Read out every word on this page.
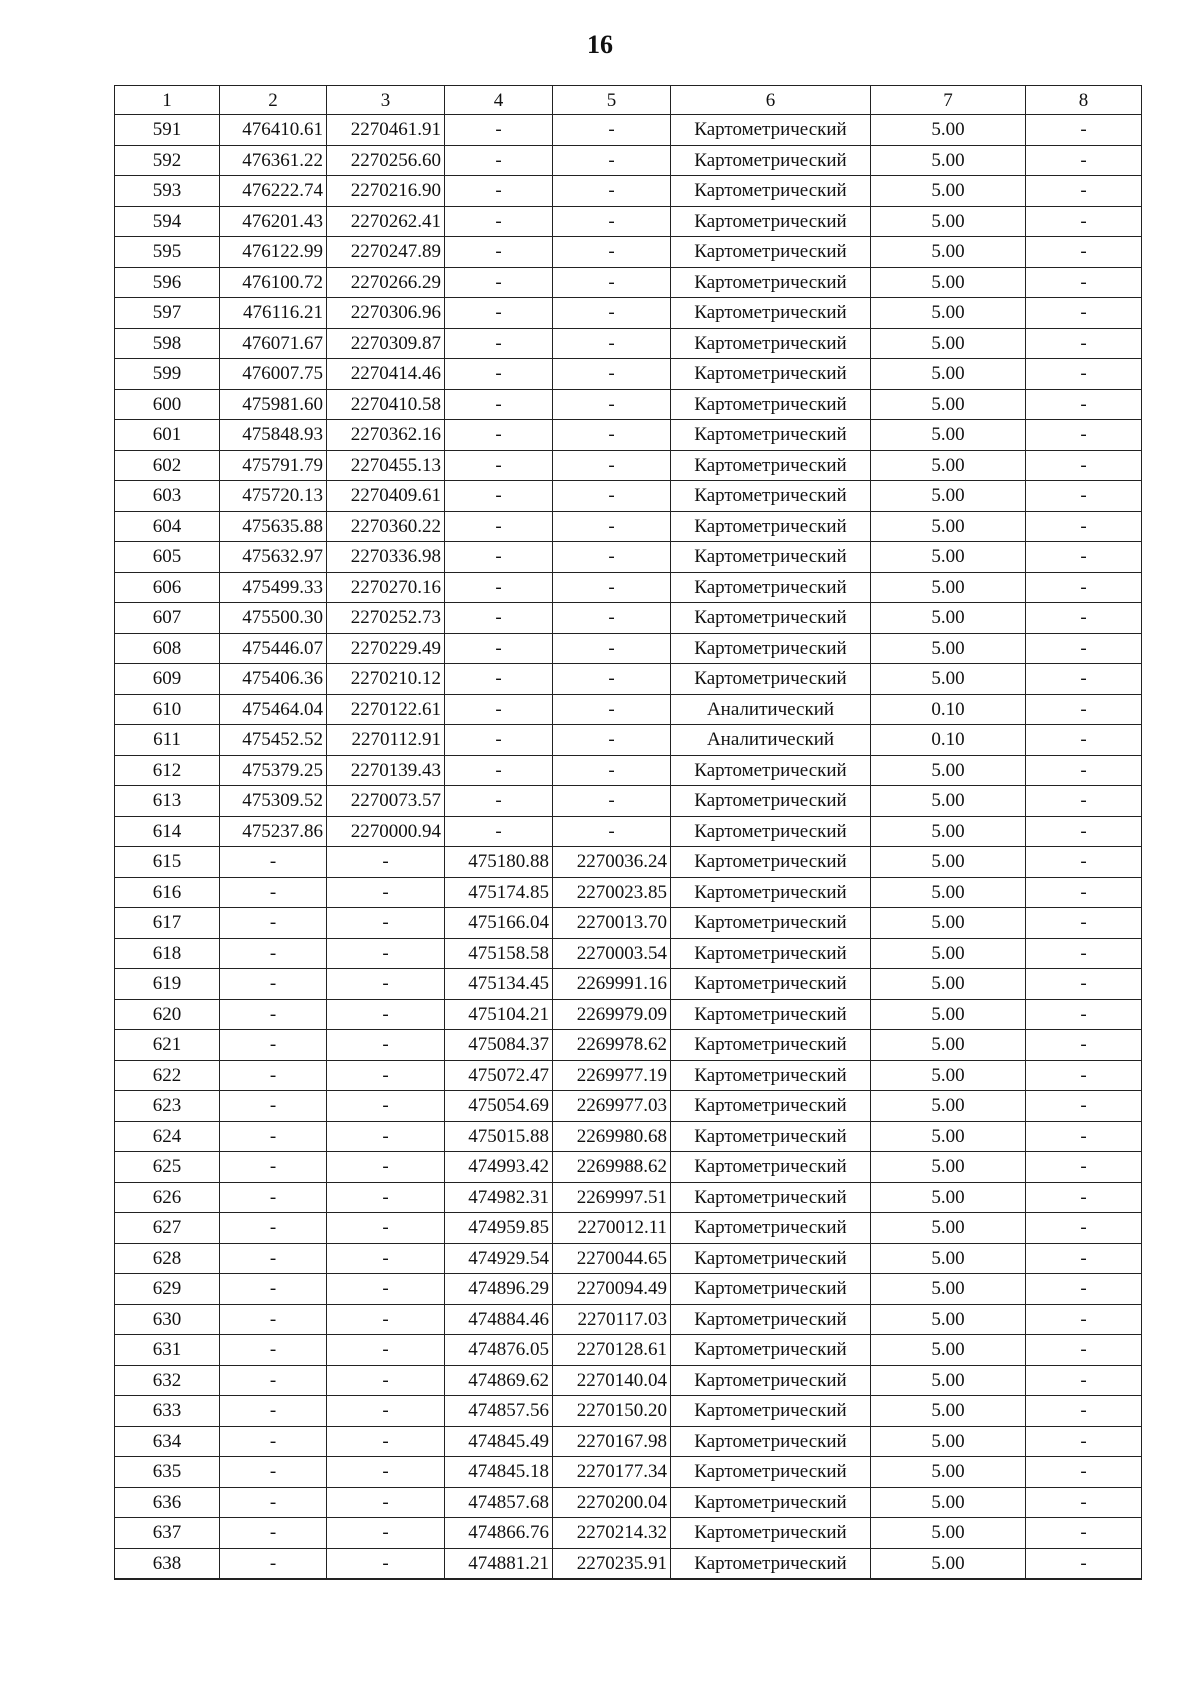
16
1	2	3	4	5	6	7	8
591	476410.61	2270461.91	-	-	Картометрический	5.00	-
592	476361.22	2270256.60	-	-	Картометрический	5.00	-
593	476222.74	2270216.90	-	-	Картометрический	5.00	-
594	476201.43	2270262.41	-	-	Картометрический	5.00	-
595	476122.99	2270247.89	-	-	Картометрический	5.00	-
596	476100.72	2270266.29	-	-	Картометрический	5.00	-
597	476116.21	2270306.96	-	-	Картометрический	5.00	-
598	476071.67	2270309.87	-	-	Картометрический	5.00	-
599	476007.75	2270414.46	-	-	Картометрический	5.00	-
600	475981.60	2270410.58	-	-	Картометрический	5.00	-
601	475848.93	2270362.16	-	-	Картометрический	5.00	-
602	475791.79	2270455.13	-	-	Картометрический	5.00	-
603	475720.13	2270409.61	-	-	Картометрический	5.00	-
604	475635.88	2270360.22	-	-	Картометрический	5.00	-
605	475632.97	2270336.98	-	-	Картометрический	5.00	-
606	475499.33	2270270.16	-	-	Картометрический	5.00	-
607	475500.30	2270252.73	-	-	Картометрический	5.00	-
608	475446.07	2270229.49	-	-	Картометрический	5.00	-
609	475406.36	2270210.12	-	-	Картометрический	5.00	-
610	475464.04	2270122.61	-	-	Аналитический	0.10	-
611	475452.52	2270112.91	-	-	Аналитический	0.10	-
612	475379.25	2270139.43	-	-	Картометрический	5.00	-
613	475309.52	2270073.57	-	-	Картометрический	5.00	-
614	475237.86	2270000.94	-	-	Картометрический	5.00	-
615	-	-	475180.88	2270036.24	Картометрический	5.00	-
616	-	-	475174.85	2270023.85	Картометрический	5.00	-
617	-	-	475166.04	2270013.70	Картометрический	5.00	-
618	-	-	475158.58	2270003.54	Картометрический	5.00	-
619	-	-	475134.45	2269991.16	Картометрический	5.00	-
620	-	-	475104.21	2269979.09	Картометрический	5.00	-
621	-	-	475084.37	2269978.62	Картометрический	5.00	-
622	-	-	475072.47	2269977.19	Картометрический	5.00	-
623	-	-	475054.69	2269977.03	Картометрический	5.00	-
624	-	-	475015.88	2269980.68	Картометрический	5.00	-
625	-	-	474993.42	2269988.62	Картометрический	5.00	-
626	-	-	474982.31	2269997.51	Картометрический	5.00	-
627	-	-	474959.85	2270012.11	Картометрический	5.00	-
628	-	-	474929.54	2270044.65	Картометрический	5.00	-
629	-	-	474896.29	2270094.49	Картометрический	5.00	-
630	-	-	474884.46	2270117.03	Картометрический	5.00	-
631	-	-	474876.05	2270128.61	Картометрический	5.00	-
632	-	-	474869.62	2270140.04	Картометрический	5.00	-
633	-	-	474857.56	2270150.20	Картометрический	5.00	-
634	-	-	474845.49	2270167.98	Картометрический	5.00	-
635	-	-	474845.18	2270177.34	Картометрический	5.00	-
636	-	-	474857.68	2270200.04	Картометрический	5.00	-
637	-	-	474866.76	2270214.32	Картометрический	5.00	-
638	-	-	474881.21	2270235.91	Картометрический	5.00	-
